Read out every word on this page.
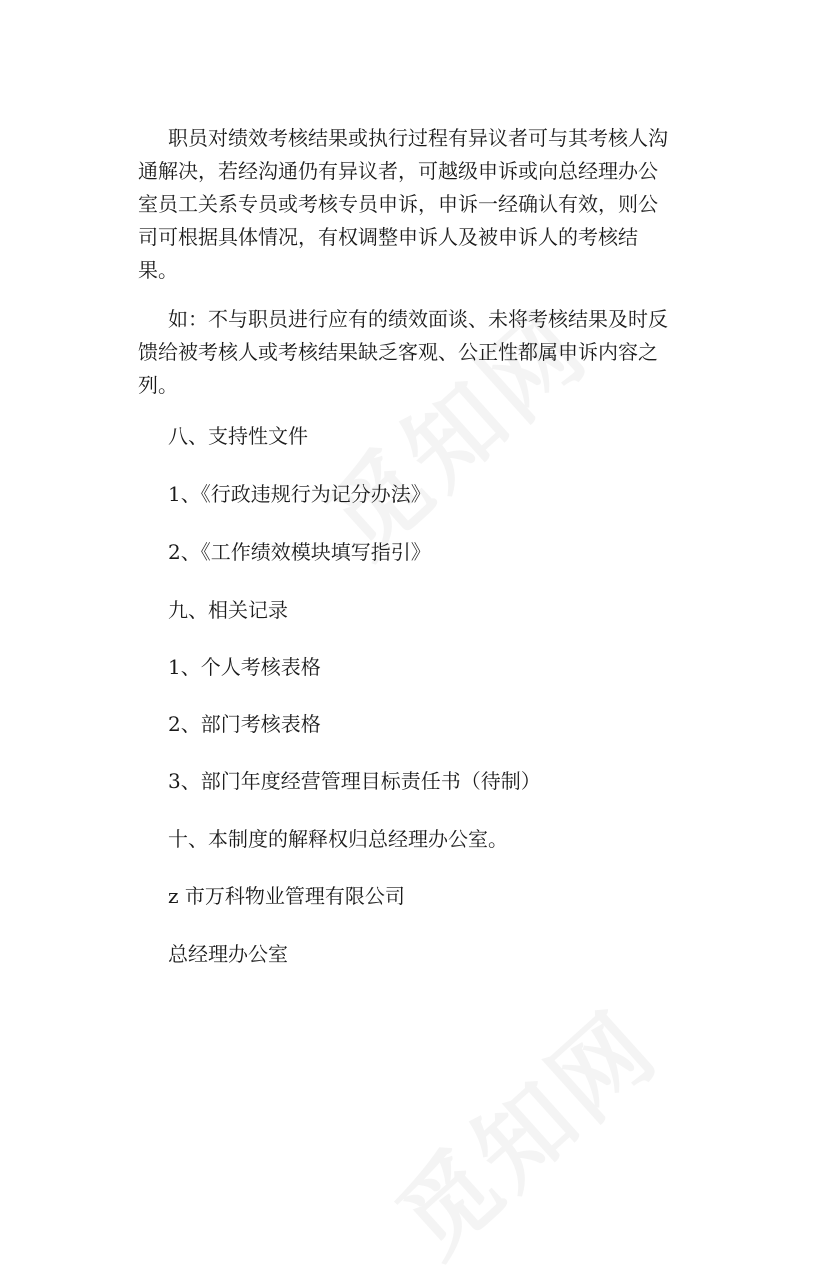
职员对绩效考核结果或执行过程有异议者可与其考核人沟通解决，若经沟通仍有异议者，可越级申诉或向总经理办公室员工关系专员或考核专员申诉，申诉一经确认有效，则公司可根据具体情况，有权调整申诉人及被申诉人的考核结果。

如：不与职员进行应有的绩效面谈、未将考核结果及时反馈给被考核人或考核结果缺乏客观、公正性都属申诉内容之列。

八、支持性文件
1、《行政违规行为记分办法》
2、《工作绩效模块填写指引》
九、相关记录
1、个人考核表格
2、部门考核表格
3、部门年度经营管理目标责任书（待制）
十、本制度的解释权归总经理办公室。
z 市万科物业管理有限公司
总经理办公室
